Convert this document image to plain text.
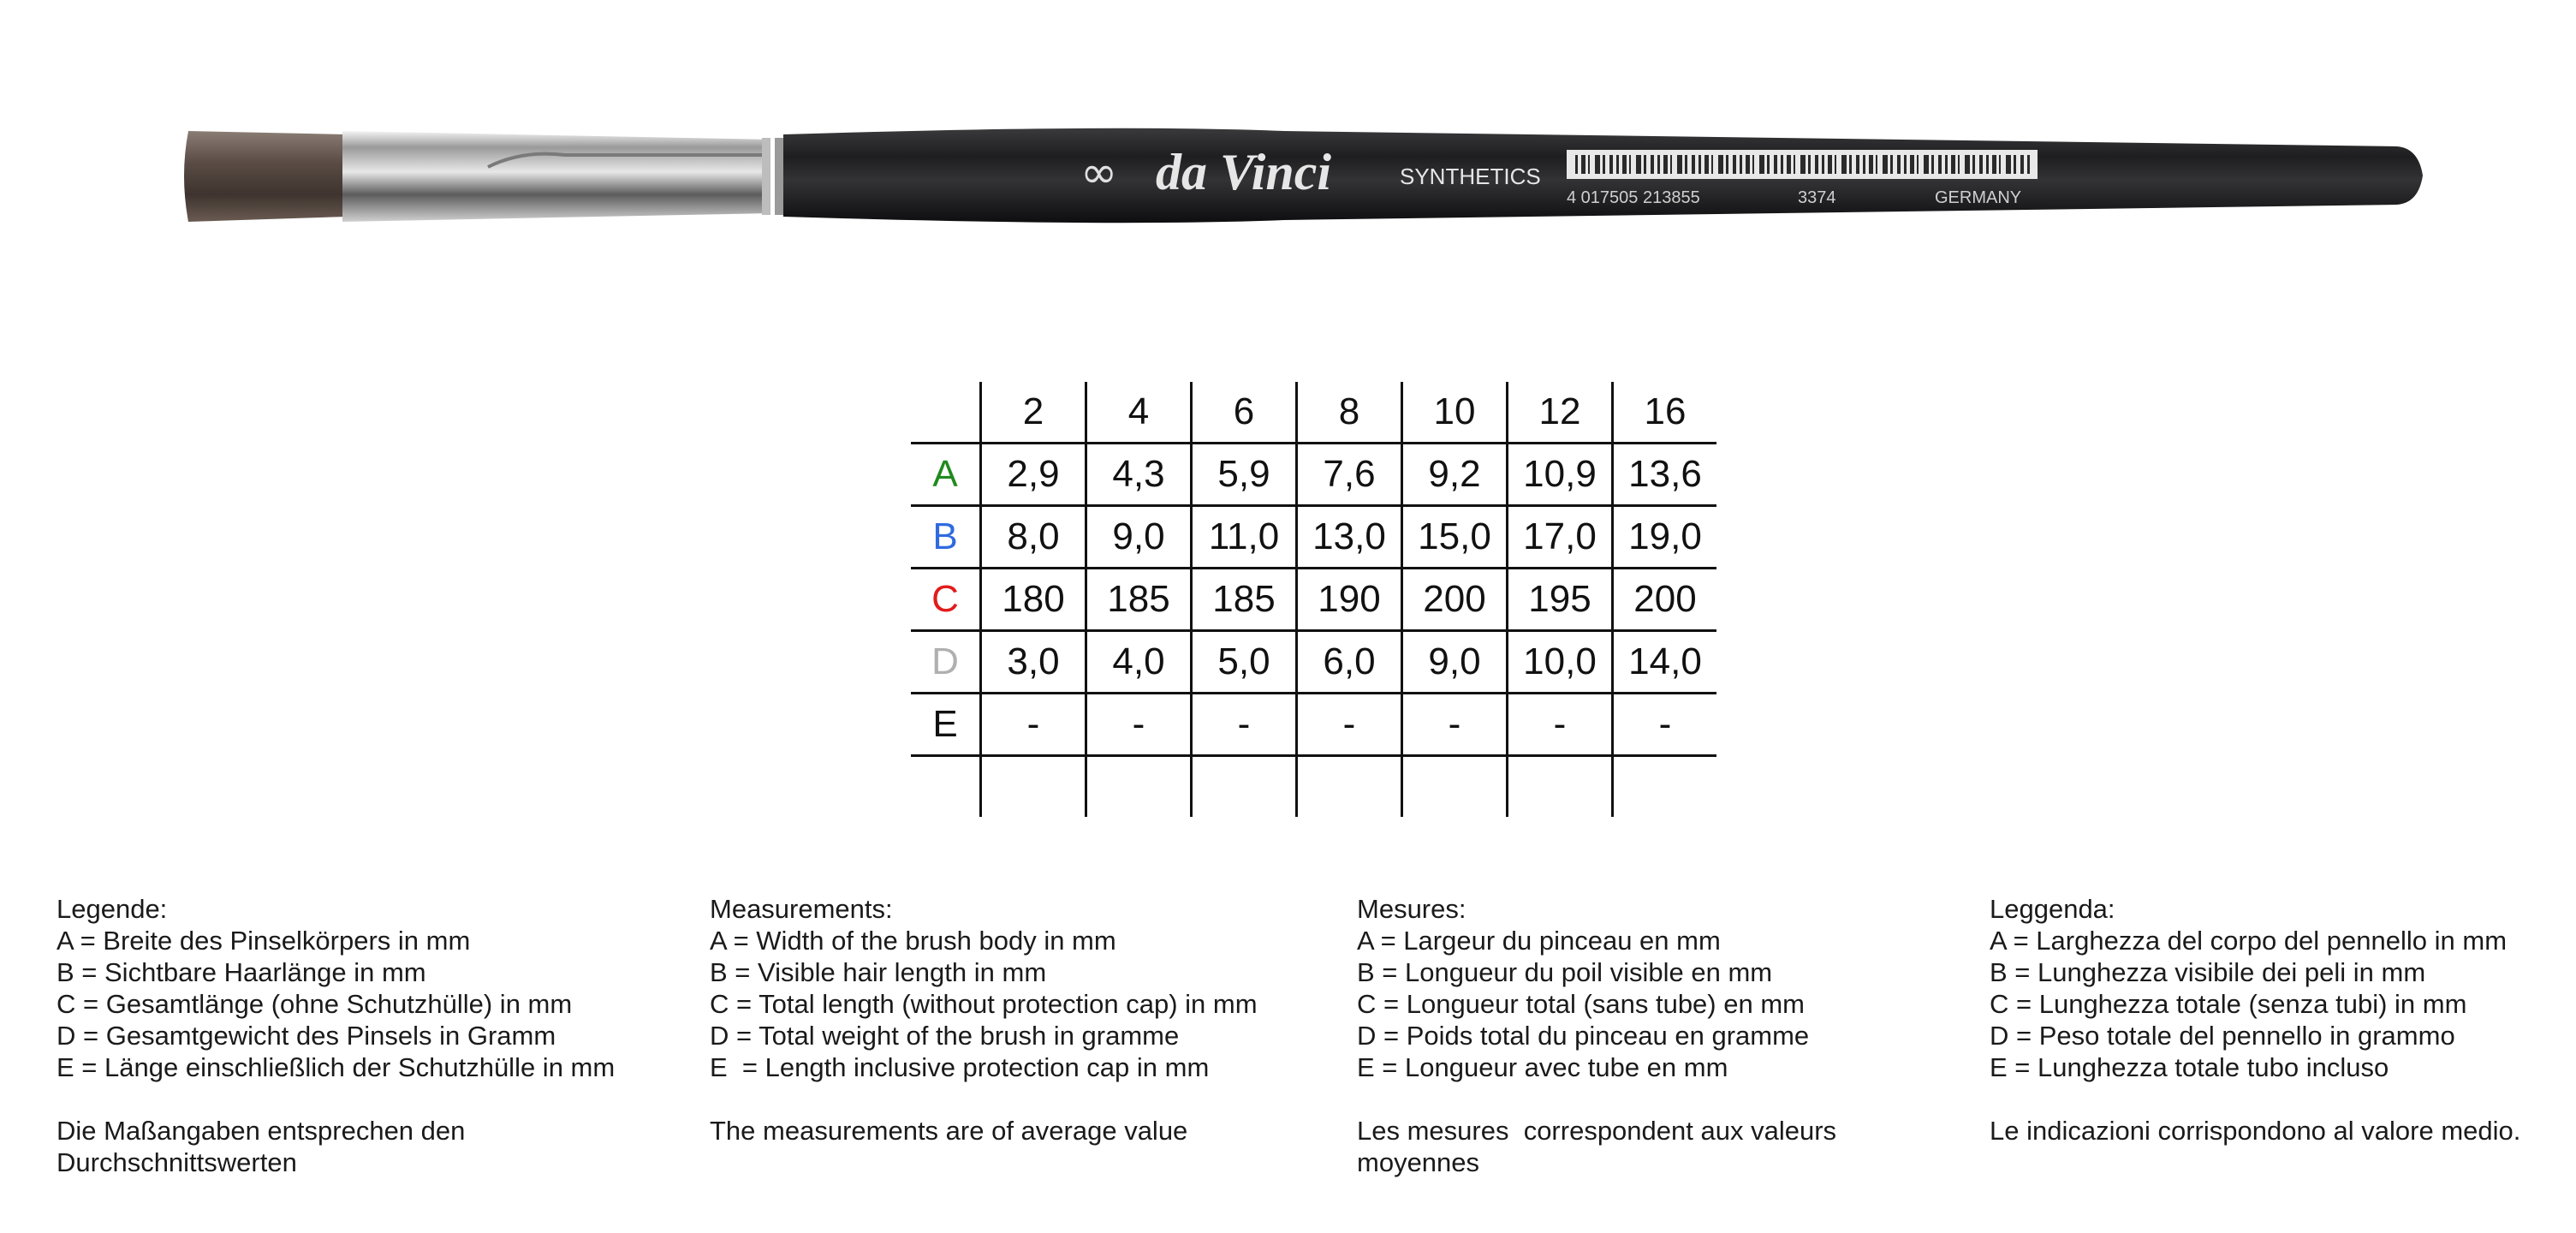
∞ da Vinci	SYNTHETICS
4 017505 213855	3374	GERMANY
	2	4	6	8	10	12	16
A	2,9	4,3	5,9	7,6	9,2	10,9	13,6
B	8,0	9,0	11,0	13,0	15,0	17,0	19,0
C	180	185	185	190	200	195	200
D	3,0	4,0	5,0	6,0	9,0	10,0	14,0
E	-	-	-	-	-	-	-

Legende:
A = Breite des Pinselkörpers in mm
B = Sichtbare Haarlänge in mm
C = Gesamtlänge (ohne Schutzhülle) in mm
D = Gesamtgewicht des Pinsels in Gramm
E = Länge einschließlich der Schutzhülle in mm
Die Maßangaben entsprechen den
Durchschnittswerten
Measurements:
A = Width of the brush body in mm
B = Visible hair length in mm
C = Total length (without protection cap) in mm
D = Total weight of the brush in gramme
E  = Length inclusive protection cap in mm
The measurements are of average value
Mesures:
A = Largeur du pinceau en mm
B = Longueur du poil visible en mm
C = Longueur total (sans tube) en mm
D = Poids total du pinceau en gramme
E = Longueur avec tube en mm
Les mesures  correspondent aux valeurs
moyennes
Leggenda:
A = Larghezza del corpo del pennello in mm
B = Lunghezza visibile dei peli in mm
C = Lunghezza totale (senza tubi) in mm
D = Peso totale del pennello in grammo
E = Lunghezza totale tubo incluso
Le indicazioni corrispondono al valore medio.
